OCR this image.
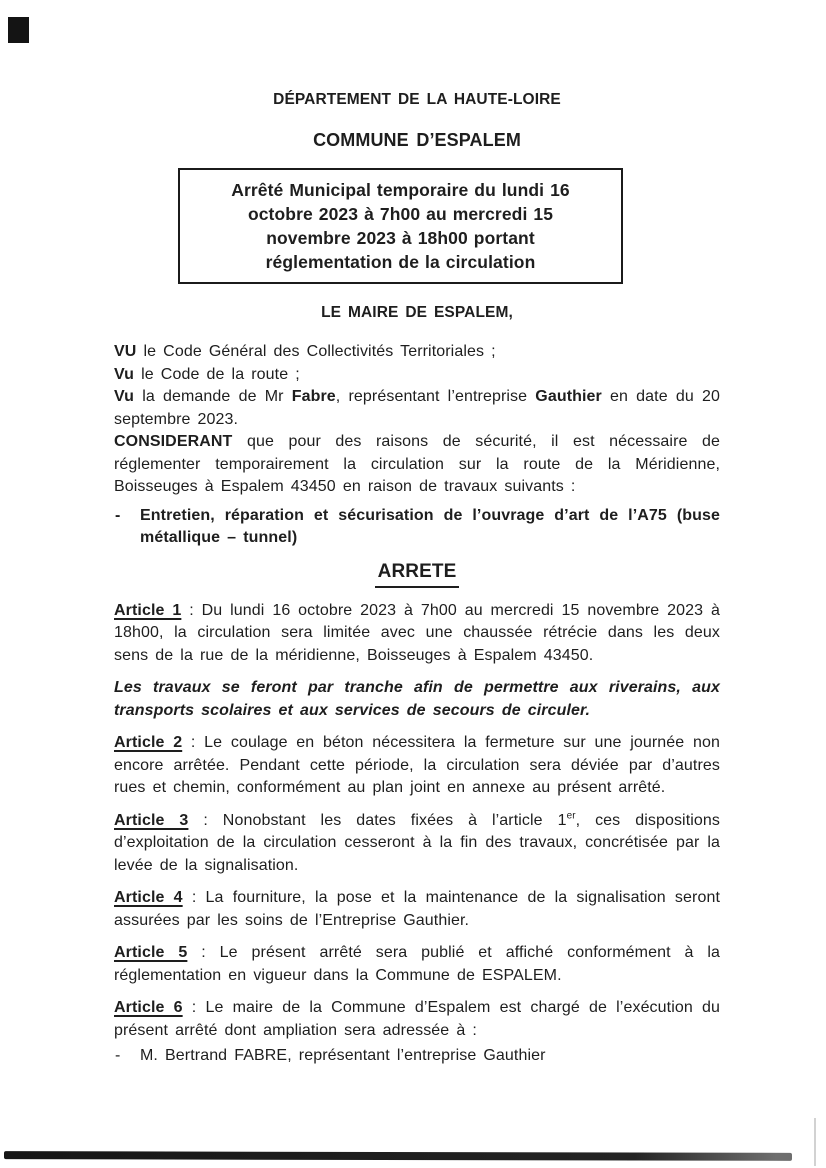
DÉPARTEMENT DE LA HAUTE-LOIRE
COMMUNE D’ESPALEM
Arrêté Municipal temporaire du lundi 16
octobre 2023 à 7h00 au mercredi 15
novembre 2023 à 18h00 portant
réglementation de la circulation
LE MAIRE DE ESPALEM,

VU le Code Général des Collectivités Territoriales ;

Vu le Code de la route ;

Vu la demande de Mr Fabre, représentant l’entreprise Gauthier en date du 20 septembre 2023.

CONSIDERANT que pour des raisons de sécurité, il est nécessaire de réglementer temporairement la circulation sur la route de la Méridienne, Boisseuges à Espalem 43450 en raison de travaux suivants :

- Entretien, réparation et sécurisation de l’ouvrage d’art de l’A75 (buse métallique – tunnel)
ARRETE

Article 1 : Du lundi 16 octobre 2023 à 7h00 au mercredi 15 novembre 2023 à 18h00, la circulation sera limitée avec une chaussée rétrécie dans les deux sens de la rue de la méridienne, Boisseuges à Espalem 43450.

Les travaux se feront par tranche afin de permettre aux riverains, aux transports scolaires et aux services de secours de circuler.

Article 2 : Le coulage en béton nécessitera la fermeture sur une journée non encore arrêtée. Pendant cette période, la circulation sera déviée par d’autres rues et chemin, conformément au plan joint en annexe au présent arrêté.

Article 3 : Nonobstant les dates fixées à l’article 1er, ces dispositions d’exploitation de la circulation cesseront à la fin des travaux, concrétisée par la levée de la signalisation.

Article 4 : La fourniture, la pose et la maintenance de la signalisation seront assurées par les soins de l’Entreprise Gauthier.

Article 5 : Le présent arrêté sera publié et affiché conformément à la réglementation en vigueur dans la Commune de ESPALEM.

Article 6 : Le maire de la Commune d’Espalem est chargé de l’exécution du présent arrêté dont ampliation sera adressée à :

- M. Bertrand FABRE, représentant l’entreprise Gauthier
